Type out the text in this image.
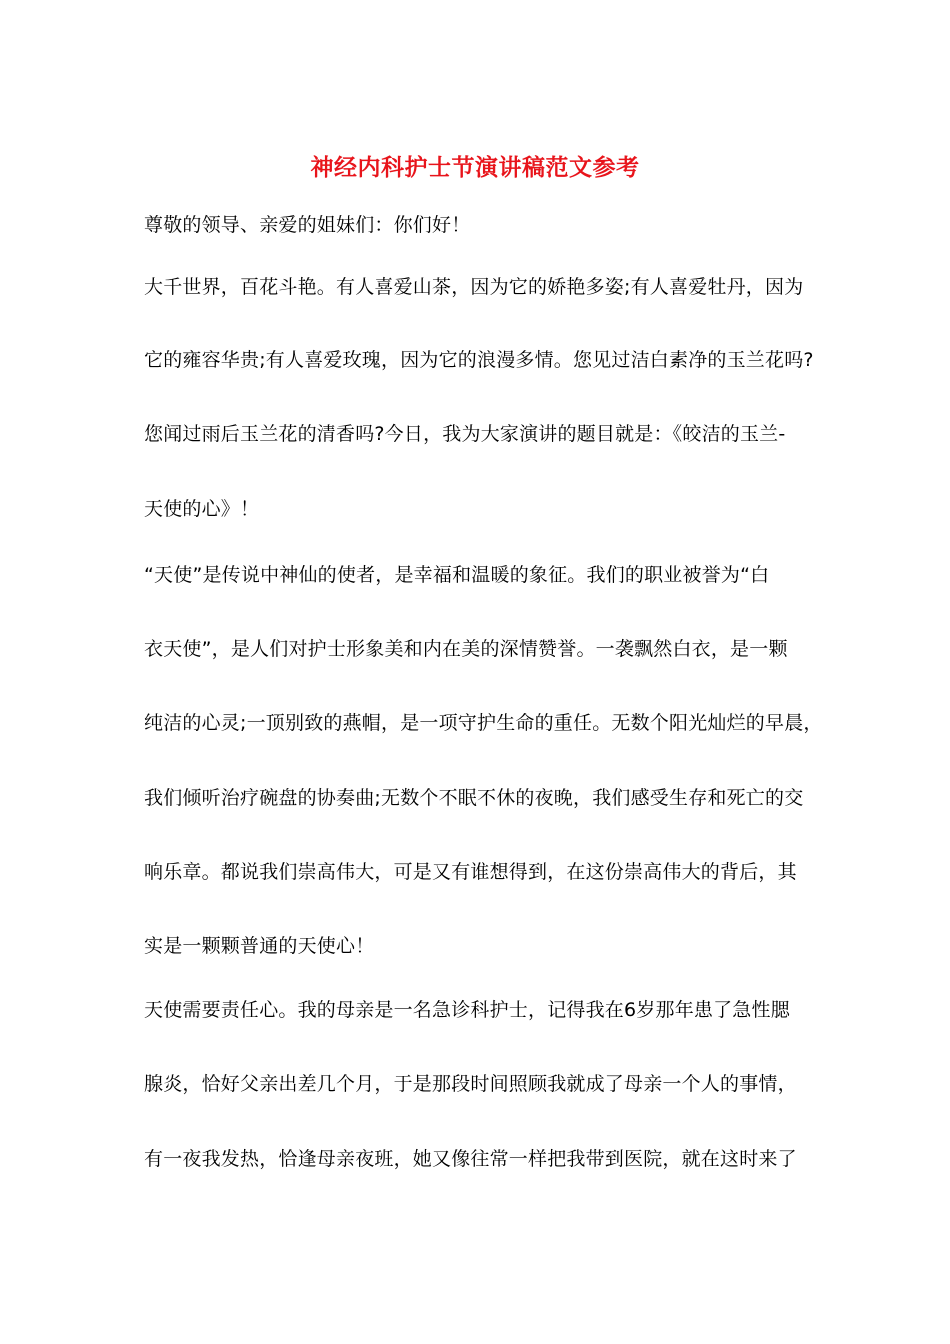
神经内科护士节演讲稿范文参考
尊敬的领导、亲爱的姐妹们：你们好！
大千世界，百花斗艳。有人喜爱山茶，因为它的娇艳多姿;有人喜爱牡丹，因为
它的雍容华贵;有人喜爱玫瑰，因为它的浪漫多情。您见过洁白素净的玉兰花吗?
您闻过雨后玉兰花的清香吗?今日，我为大家演讲的题目就是：《皎洁的玉兰-
天使的心》！
“天使”是传说中神仙的使者，是幸福和温暖的象征。我们的职业被誉为“白
衣天使”，是人们对护士形象美和内在美的深情赞誉。一袭飘然白衣，是一颗
纯洁的心灵;一顶别致的燕帽，是一项守护生命的重任。无数个阳光灿烂的早晨，
我们倾听治疗碗盘的协奏曲;无数个不眠不休的夜晚，我们感受生存和死亡的交
响乐章。都说我们崇高伟大，可是又有谁想得到，在这份崇高伟大的背后，其
实是一颗颗普通的天使心！
天使需要责任心。我的母亲是一名急诊科护士，记得我在6岁那年患了急性腮
腺炎，恰好父亲出差几个月，于是那段时间照顾我就成了母亲一个人的事情，
有一夜我发热，恰逢母亲夜班，她又像往常一样把我带到医院，就在这时来了
